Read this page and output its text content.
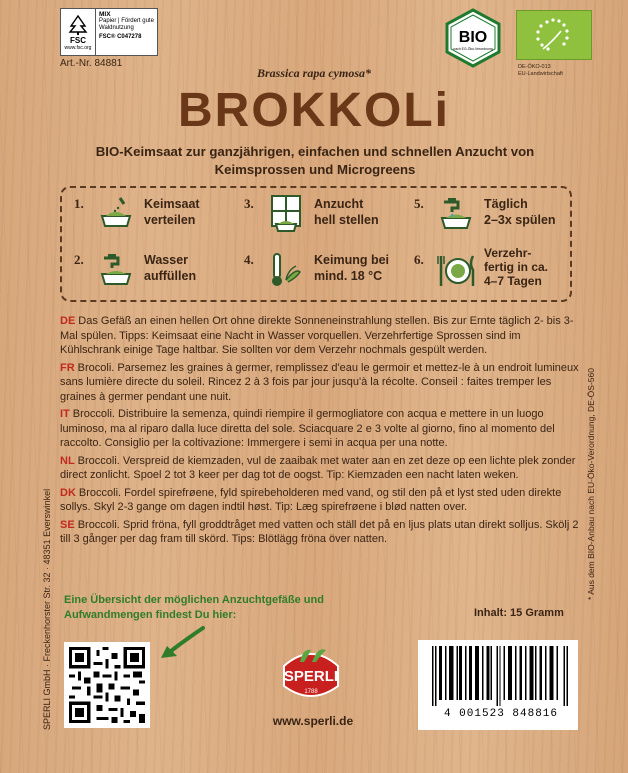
FSC
www.fsc.org
MIX
Papier | Fördert gute Waldnutzung
FSC® C047278
Art.-Nr. 84881
BIO
nach EG-Öko-Verordnung
DE-ÖKO-013
EU-Landwirtschaft
Brassica rapa cymosa*
BROKKOLi
BIO-Keimsaat zur ganzjährigen, einfachen und schnellen Anzucht von Keimsprossen und Microgreens
1.	Keimsaat
verteilen
3.	Anzucht
hell stellen
5.	Täglich
2–3x spülen
2.	Wasser
auffüllen
4.	Keimung bei
mind. 18 °C
6.	Verzehr-
fertig in ca.
4–7 Tagen
DE Das Gefäß an einen hellen Ort ohne direkte Sonneneinstrahlung stellen. Bis zur Ernte täglich 2- bis 3-Mal spülen. Tipps: Keimsaat eine Nacht in Wasser vorquellen. Verzehrfertige Sprossen sind im Kühlschrank einige Tage haltbar. Sie sollten vor dem Verzehr nochmals gespült werden.
FR Brocoli. Parsemez les graines à germer, remplissez d'eau le germoir et mettez-le à un endroit lumineux sans lumière directe du soleil. Rincez 2 à 3 fois par jour jusqu'à la récolte. Conseil : faites tremper les graines à germer pendant une nuit.
IT Broccoli. Distribuire la semenza, quindi riempire il germogliatore con acqua e mettere in un luogo luminoso, ma al riparo dalla luce diretta del sole. Sciacquare 2 e 3 volte al giorno, fino al momento del raccolto. Consiglio per la coltivazione: Immergere i semi in acqua per una notte.
NL Broccoli. Verspreid de kiemzaden, vul de zaaibak met water aan en zet deze op een lichte plek zonder direct zonlicht. Spoel 2 tot 3 keer per dag tot de oogst. Tip: Kiemzaden een nacht laten weken.
DK Broccoli. Fordel spirefrøene, fyld spirebeholderen med vand, og stil den på et lyst sted uden direkte sollys. Skyl 2-3 gange om dagen indtil høst. Tip: Læg spirefrøene i blød natten over.
SE Broccoli. Sprid fröna, fyll groddtråget med vatten och ställ det på en ljus plats utan direkt solljus. Skölj 2 till 3 gånger per dag fram till skörd. Tips: Blötlägg fröna över natten.
Eine Übersicht der möglichen Anzuchtgefäße und Aufwandmengen findest Du hier:	Inhalt: 15 Gramm
SPERLI
1788
www.sperli.de	4 001523 848816
SPERLI GmbH · Freckenhorster Str. 32 · 48351 Everswinkel
* Aus dem BIO-Anbau nach EU-Öko-Verordnung, DE-ÖS-560
